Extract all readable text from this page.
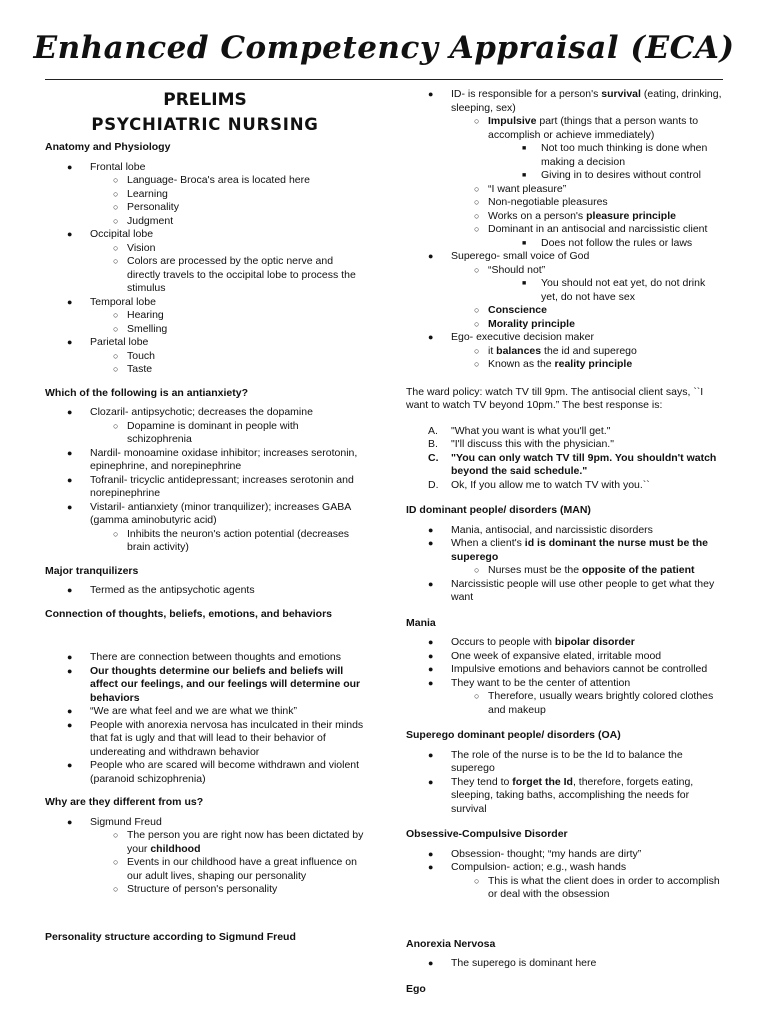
Enhanced Competency Appraisal (ECA)
PRELIMS
PSYCHIATRIC NURSING
Anatomy and Physiology
● Frontal lobe
○ Language- Broca's area is located here
○ Learning
○ Personality
○ Judgment
● Occipital lobe
○ Vision
○ Colors are processed by the optic nerve and directly travels to the occipital lobe to process the stimulus
● Temporal lobe
○ Hearing
○ Smelling
● Parietal lobe
○ Touch
○ Taste
Which of the following is an antianxiety?
● Clozaril- antipsychotic; decreases the dopamine
○ Dopamine is dominant in people with schizophrenia
● Nardil- monoamine oxidase inhibitor; increases serotonin, epinephrine, and norepinephrine
● Tofranil- tricyclic antidepressant; increases serotonin and norepinephrine
● Vistaril- antianxiety (minor tranquilizer); increases GABA (gamma aminobutyric acid)
○ Inhibits the neuron's action potential (decreases brain activity)
Major tranquilizers
● Termed as the antipsychotic agents
Connection of thoughts, beliefs, emotions, and behaviors
● There are connection between thoughts and emotions
● Our thoughts determine our beliefs and beliefs will affect our feelings, and our feelings will determine our behaviors
● “We are what feel and we are what we think”
● People with anorexia nervosa has inculcated in their minds that fat is ugly and that will lead to their behavior of undereating and withdrawn behavior
● People who are scared will become withdrawn and violent (paranoid schizophrenia)
Why are they different from us?
● Sigmund Freud
○ The person you are right now has been dictated by your childhood
○ Events in our childhood have a great influence on our adult lives, shaping our personality
○ Structure of person's personality
Personality structure according to Sigmund Freud
● ID- is responsible for a person's survival (eating, drinking, sleeping, sex)
○ Impulsive part (things that a person wants to accomplish or achieve immediately)
■ Not too much thinking is done when making a decision
■ Giving in to desires without control
○ “I want pleasure”
○ Non-negotiable pleasures
○ Works on a person's pleasure principle
○ Dominant in an antisocial and narcissistic client
■ Does not follow the rules or laws
● Superego- small voice of God
○ “Should not”
■ You should not eat yet, do not drink yet, do not have sex
○ Conscience
○ Morality principle
● Ego- executive decision maker
○ it balances the id and superego
○ Known as the reality principle
The ward policy: watch TV till 9pm. The antisocial client says, ``I want to watch TV beyond 10pm.” The best response is:
A. "What you want is what you'll get."
B. "I'll discuss this with the physician."
C. "You can only watch TV till 9pm. You shouldn't watch beyond the said schedule."
D. Ok, If you allow me to watch TV with you.``
ID dominant people/ disorders (MAN)
● Mania, antisocial, and narcissistic disorders
● When a client's id is dominant the nurse must be the superego
○ Nurses must be the opposite of the patient
● Narcissistic people will use other people to get what they want
Mania
● Occurs to people with bipolar disorder
● One week of expansive elated, irritable mood
● Impulsive emotions and behaviors cannot be controlled
● They want to be the center of attention
○ Therefore, usually wears brightly colored clothes and makeup
Superego dominant people/ disorders (OA)
● The role of the nurse is to be the Id to balance the superego
● They tend to forget the Id, therefore, forgets eating, sleeping, taking baths, accomplishing the needs for survival
Obsessive-Compulsive Disorder
● Obsession- thought; “my hands are dirty”
● Compulsion- action; e.g., wash hands
○ This is what the client does in order to accomplish or deal with the obsession
Anorexia Nervosa
● The superego is dominant here
Ego
